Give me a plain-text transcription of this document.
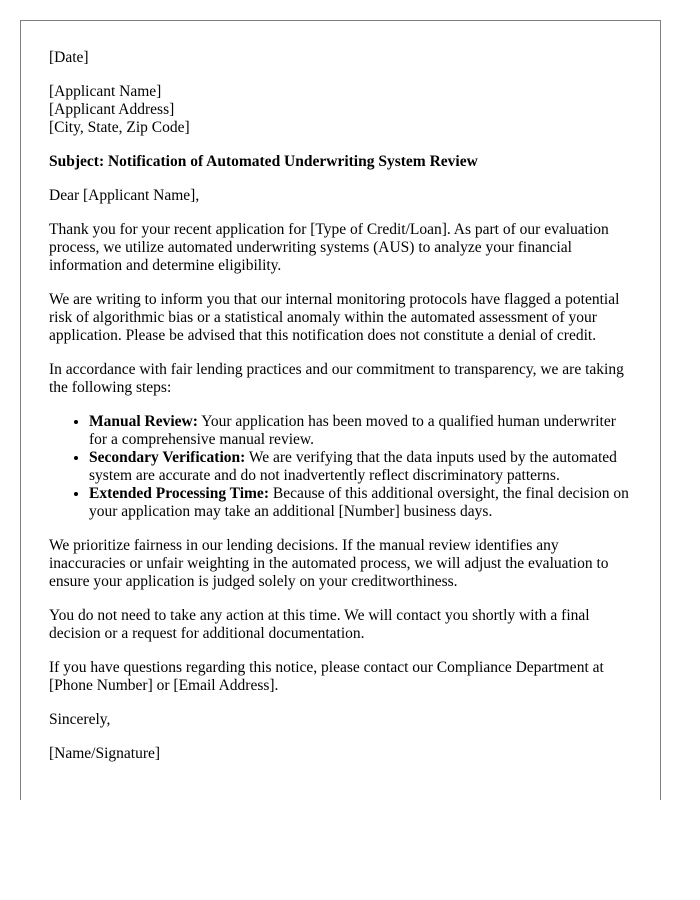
[Date]

[Applicant Name]
[Applicant Address]
[City, State, Zip Code]

Subject: Notification of Automated Underwriting System Review

Dear [Applicant Name],

Thank you for your recent application for [Type of Credit/Loan]. As part of our evaluation process, we utilize automated underwriting systems (AUS) to analyze your financial information and determine eligibility.

We are writing to inform you that our internal monitoring protocols have flagged a potential risk of algorithmic bias or a statistical anomaly within the automated assessment of your application. Please be advised that this notification does not constitute a denial of credit.

In accordance with fair lending practices and our commitment to transparency, we are taking the following steps:

• Manual Review: Your application has been moved to a qualified human underwriter for a comprehensive manual review.
• Secondary Verification: We are verifying that the data inputs used by the automated system are accurate and do not inadvertently reflect discriminatory patterns.
• Extended Processing Time: Because of this additional oversight, the final decision on your application may take an additional [Number] business days.

We prioritize fairness in our lending decisions. If the manual review identifies any inaccuracies or unfair weighting in the automated process, we will adjust the evaluation to ensure your application is judged solely on your creditworthiness.

You do not need to take any action at this time. We will contact you shortly with a final decision or a request for additional documentation.

If you have questions regarding this notice, please contact our Compliance Department at [Phone Number] or [Email Address].

Sincerely,

[Name/Signature]
